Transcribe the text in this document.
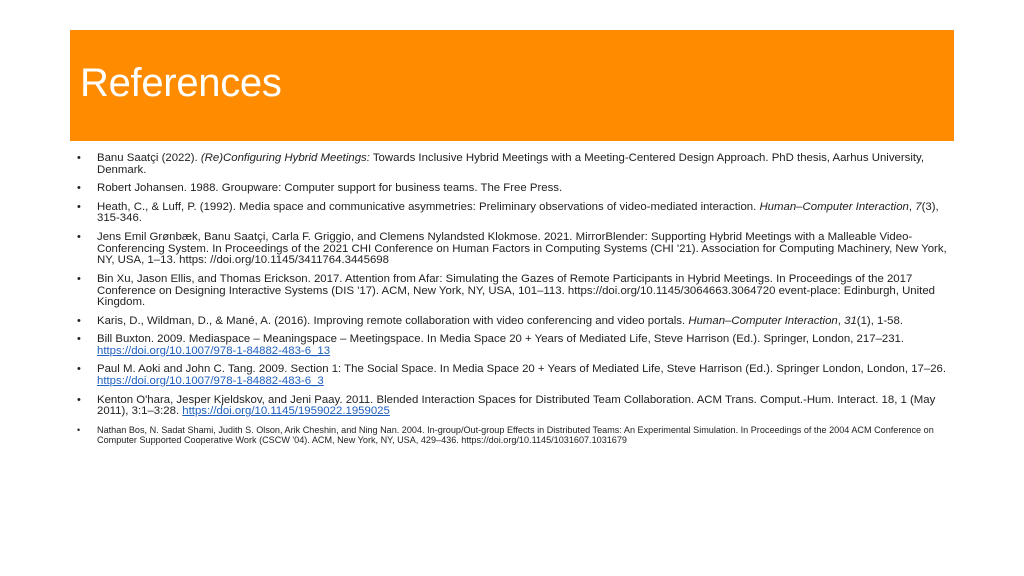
References
• Banu Saatçi (2022). (Re)Configuring Hybrid Meetings: Towards Inclusive Hybrid Meetings with a Meeting-Centered Design Approach. PhD thesis, Aarhus University, Denmark.
• Robert Johansen. 1988. Groupware: Computer support for business teams. The Free Press.
• Heath, C., & Luff, P. (1992). Media space and communicative asymmetries: Preliminary observations of video-mediated interaction. Human–Computer Interaction, 7(3), 315-346.
• Jens Emil Grønbæk, Banu Saatçi, Carla F. Griggio, and Clemens Nylandsted Klokmose. 2021. MirrorBlender: Supporting Hybrid Meetings with a Malleable Video-Conferencing System. In Proceedings of the 2021 CHI Conference on Human Factors in Computing Systems (CHI '21). Association for Computing Machinery, New York, NY, USA, 1–13. https: //doi.org/10.1145/3411764.3445698
• Bin Xu, Jason Ellis, and Thomas Erickson. 2017. Attention from Afar: Simulating the Gazes of Remote Participants in Hybrid Meetings. In Proceedings of the 2017 Conference on Designing Interactive Systems (DIS '17). ACM, New York, NY, USA, 101–113. https://doi.org/10.1145/3064663.3064720 event-place: Edinburgh, United Kingdom.
• Karis, D., Wildman, D., & Mané, A. (2016). Improving remote collaboration with video conferencing and video portals. Human–Computer Interaction, 31(1), 1-58.
• Bill Buxton. 2009. Mediaspace – Meaningspace – Meetingspace. In Media Space 20 + Years of Mediated Life, Steve Harrison (Ed.). Springer, London, 217–231. https://doi.org/10.1007/978-1-84882-483-6_13
• Paul M. Aoki and John C. Tang. 2009. Section 1: The Social Space. In Media Space 20 + Years of Mediated Life, Steve Harrison (Ed.). Springer London, London, 17–26. https://doi.org/10.1007/978-1-84882-483-6_3
• Kenton O'hara, Jesper Kjeldskov, and Jeni Paay. 2011. Blended Interaction Spaces for Distributed Team Collaboration. ACM Trans. Comput.-Hum. Interact. 18, 1 (May 2011), 3:1–3:28. https://doi.org/10.1145/1959022.1959025
• Nathan Bos, N. Sadat Shami, Judith S. Olson, Arik Cheshin, and Ning Nan. 2004. In-group/Out-group Effects in Distributed Teams: An Experimental Simulation. In Proceedings of the 2004 ACM Conference on Computer Supported Cooperative Work (CSCW '04). ACM, New York, NY, USA, 429–436. https://doi.org/10.1145/1031607.1031679
